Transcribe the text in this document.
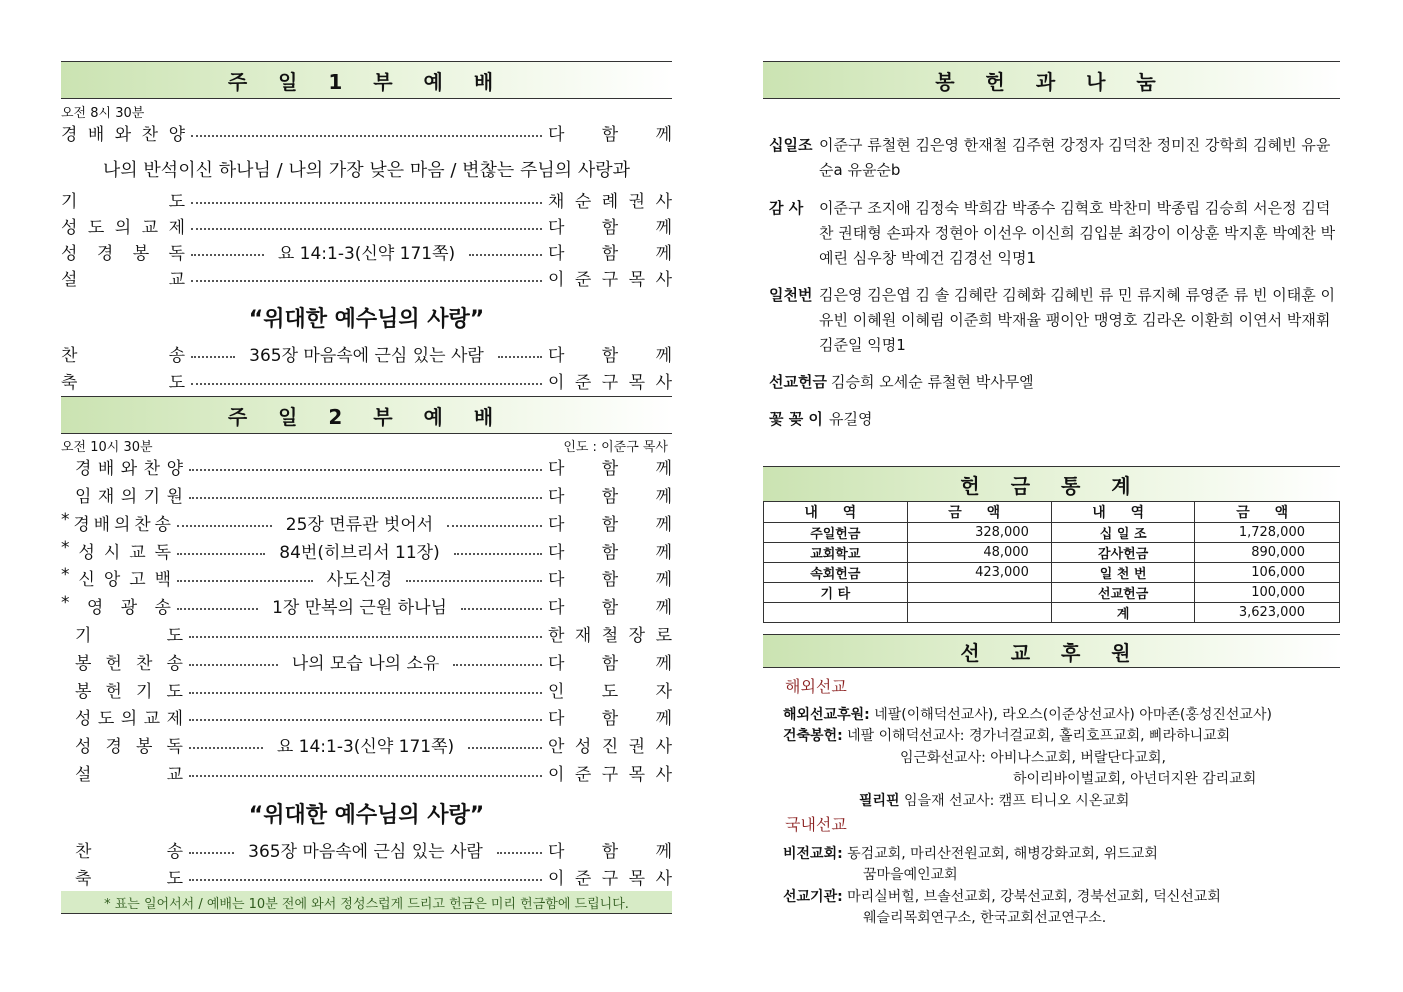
주 일 1 부 예 배
오전 8시 30분
경 배 와 찬 양	다 함 께
나의 반석이신 하나님 / 나의 가장 낮은 마음 / 변찮는 주님의 사랑과
기	도	채 순 례 권 사
성 도 의 교 제	다 함 께
성 경 봉 독	요 14:1-3(신약 171쪽)	다 함 께
설	교	이 준 구 목 사
“위대한 예수님의 사랑”
찬	송	365장 마음속에 근심 있는 사람	다 함 께
축	도	이 준 구 목 사
주 일 2 부 예 배
오전 10시 30분	인도 : 이준구 목사
경 배 와 찬 양	다 함 께
임 재 의 기 원	다 함 께
* 경 배 의 찬 송	25장 면류관 벗어서	다 함 께
* 성 시 교 독	84번(히브리서 11장)	다 함 께
* 신 앙 고 백	사도신경	다 함 께
* 영 광 송	1장 만복의 근원 하나님	다 함 께
기	도	한 재 철 장 로
봉 헌 찬 송	나의 모습 나의 소유	다 함 께
봉 헌 기 도	인 도 자
성 도 의 교 제	다 함 께
성 경 봉 독	요 14:1-3(신약 171쪽)	안 성 진 권 사
설	교	이 준 구 목 사
“위대한 예수님의 사랑”
찬	송	365장 마음속에 근심 있는 사람	다 함 께
축	도	이 준 구 목 사
* 표는 일어서서 / 예배는 10분 전에 와서 정성스럽게 드리고 헌금은 미리 헌금함에 드립니다.
봉 헌 과 나 눔
십일조 이준구 류철현 김은영 한재철 김주현 강정자 김덕찬 정미진 강학희 김혜빈 유윤순a 유윤순b
감 사 이준구 조지애 김정숙 박희감 박종수 김혁호 박찬미 박종립 김승희 서은정 김덕찬 권태형 손파자 정현아 이선우 이신희 김입분 최강이 이상훈 박지훈 박예찬 박예린 심우창 박예건 김경선 익명1
일천번 김은영 김은엽 김 솔 김혜란 김혜화 김혜빈 류 민 류지혜 류영준 류 빈 이태훈 이유빈 이혜원 이혜림 이준희 박재율 팽이안 맹영호 김라온 이환희 이연서 박재휘 김준일 익명1
선교헌금 김승희 오세순 류철현 박사무엘
꽃 꽂 이 유길영
헌 금 통 계
내 역	금 액	내 역	금 액
주일헌금	328,000	십 일 조	1,728,000
교회학교	48,000	감사헌금	890,000
속회헌금	423,000	일 천 번	106,000
기 타		선교헌금	100,000
		계	3,623,000
선 교 후 원
해외선교
해외선교후원: 네팔(이해덕선교사), 라오스(이준상선교사) 아마존(홍성진선교사)
건축봉헌: 네팔 이해덕선교사: 경가너걸교회, 홀리호프교회, 삐라하니교회
임근화선교사: 아비나스교회, 버랄단다교회,
하이리바이벌교회, 아넌더지완 감리교회
필리핀 임을재 선교사: 캠프 티니오 시온교회
국내선교
비전교회: 동검교회, 마리산전원교회, 해병강화교회, 위드교회
꿈마을예인교회
선교기관: 마리실버힐, 브솔선교회, 강북선교회, 경북선교회, 덕신선교회
웨슬리목회연구소, 한국교회선교연구소.
